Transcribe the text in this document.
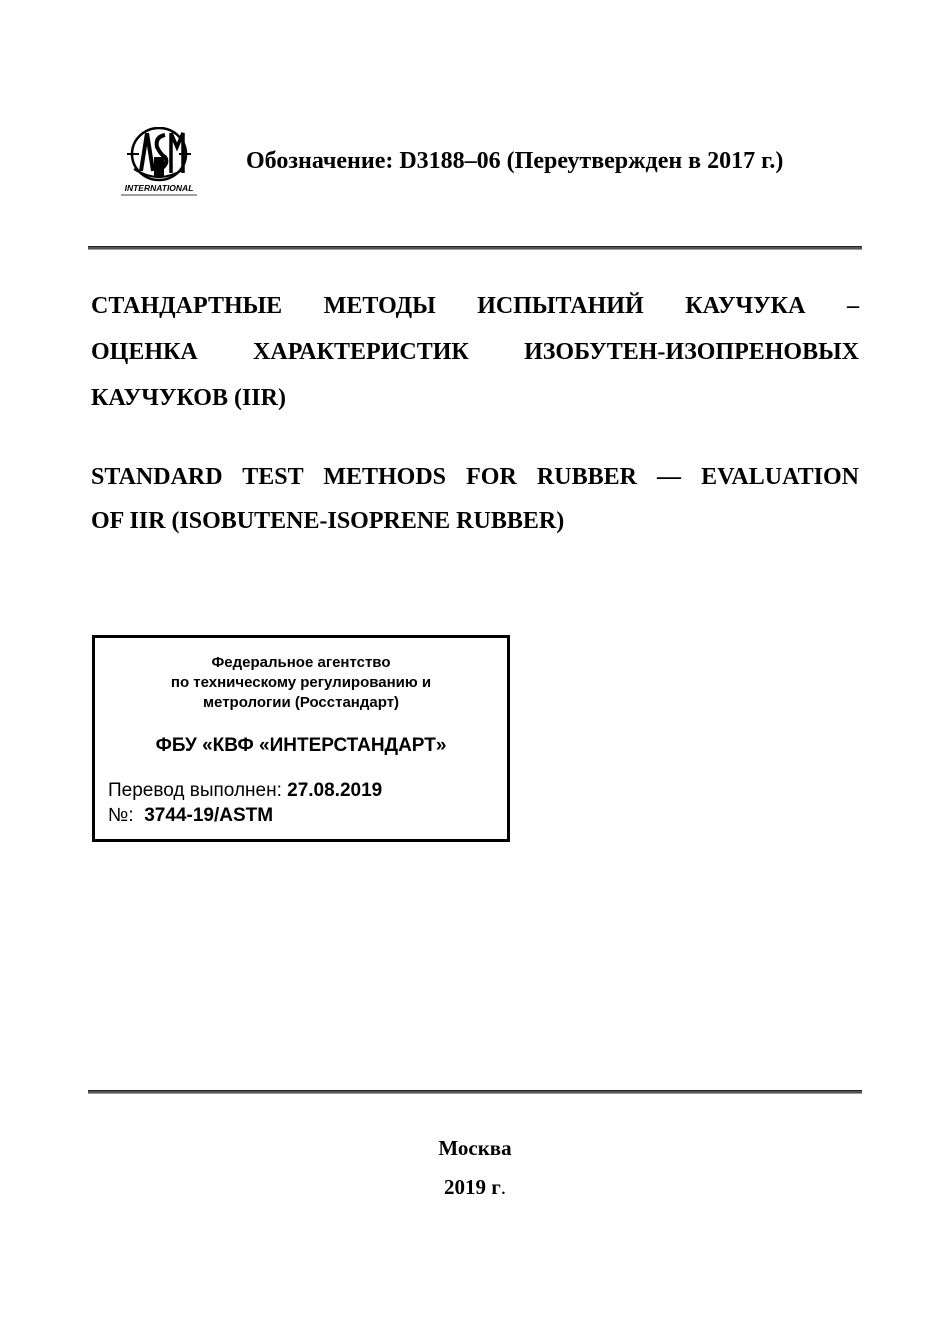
INTERNATIONAL
Обозначение: D3188–06 (Переутвержден в 2017 г.)
СТАНДАРТНЫЕ МЕТОДЫ ИСПЫТАНИЙ КАУЧУКА –
ОЦЕНКА ХАРАКТЕРИСТИК ИЗОБУТЕН-ИЗОПРЕНОВЫХ
КАУЧУКОВ (IIR)
STANDARD TEST METHODS FOR RUBBER — EVALUATION
OF IIR (ISOBUTENE-ISOPRENE RUBBER)
Федеральное агентство
по техническому регулированию и
метрологии (Росстандарт)
ФБУ «КВФ «ИНТЕРСТАНДАРТ»
Перевод выполнен: 27.08.2019
№:  3744-19/ASTM
Москва
2019 г.
